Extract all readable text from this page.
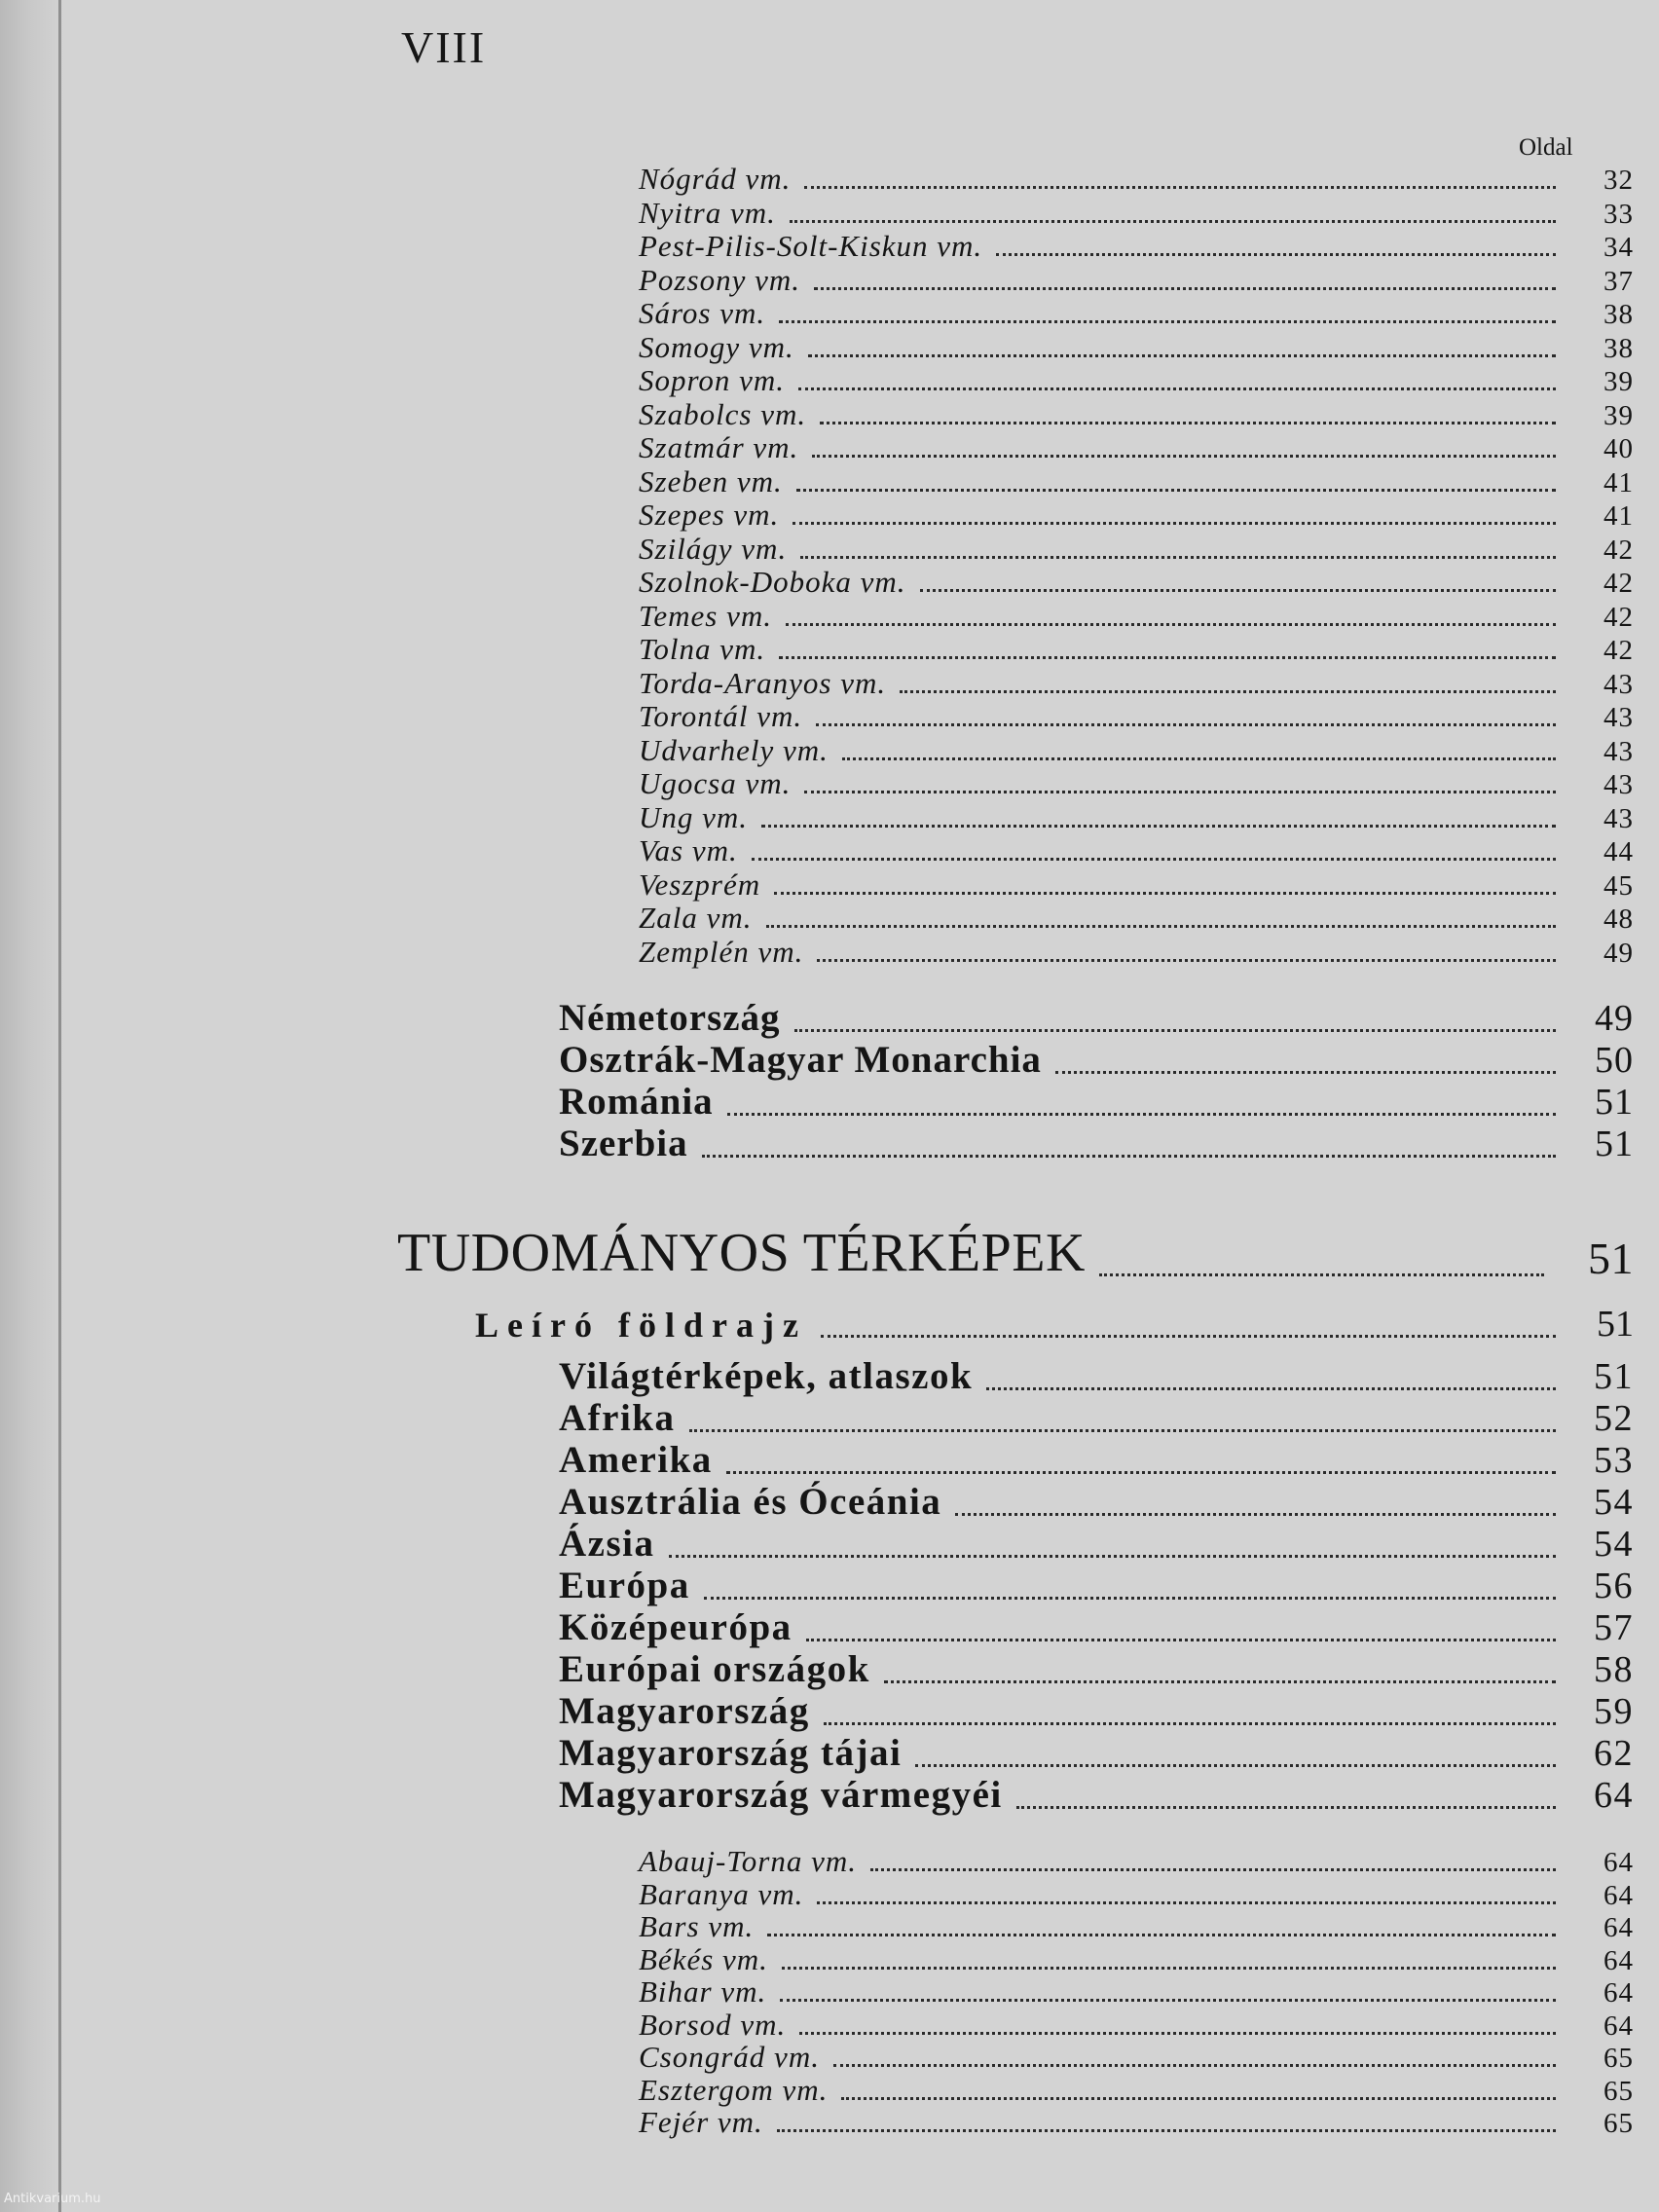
VIII

Oldal

Nógrád vm.	32
Nyitra vm.	33
Pest-Pilis-Solt-Kiskun vm.	34
Pozsony vm.	37
Sáros vm.	38
Somogy vm.	38
Sopron vm.	39
Szabolcs vm.	39
Szatmár vm.	40
Szeben vm.	41
Szepes vm.	41
Szilágy vm.	42
Szolnok-Doboka vm.	42
Temes vm.	42
Tolna vm.	42
Torda-Aranyos vm.	43
Torontál vm.	43
Udvarhely vm.	43
Ugocsa vm.	43
Ung vm.	43
Vas vm.	44
Veszprém	45
Zala vm.	48
Zemplén vm.	49
Németország	49
Osztrák-Magyar Monarchia	50
Románia	51
Szerbia	51
TUDOMÁNYOS TÉRKÉPEK	51
Leíró földrajz	51
Világtérképek, atlaszok	51
Afrika	52
Amerika	53
Ausztrália és Óceánia	54
Ázsia	54
Európa	56
Középeurópa	57
Európai országok	58
Magyarország	59
Magyarország tájai	62
Magyarország vármegyéi	64
Abauj-Torna vm.	64
Baranya vm.	64
Bars vm.	64
Békés vm.	64
Bihar vm.	64
Borsod vm.	64
Csongrád vm.	65
Esztergom vm.	65
Fejér vm.	65

Antikvarium.hu
